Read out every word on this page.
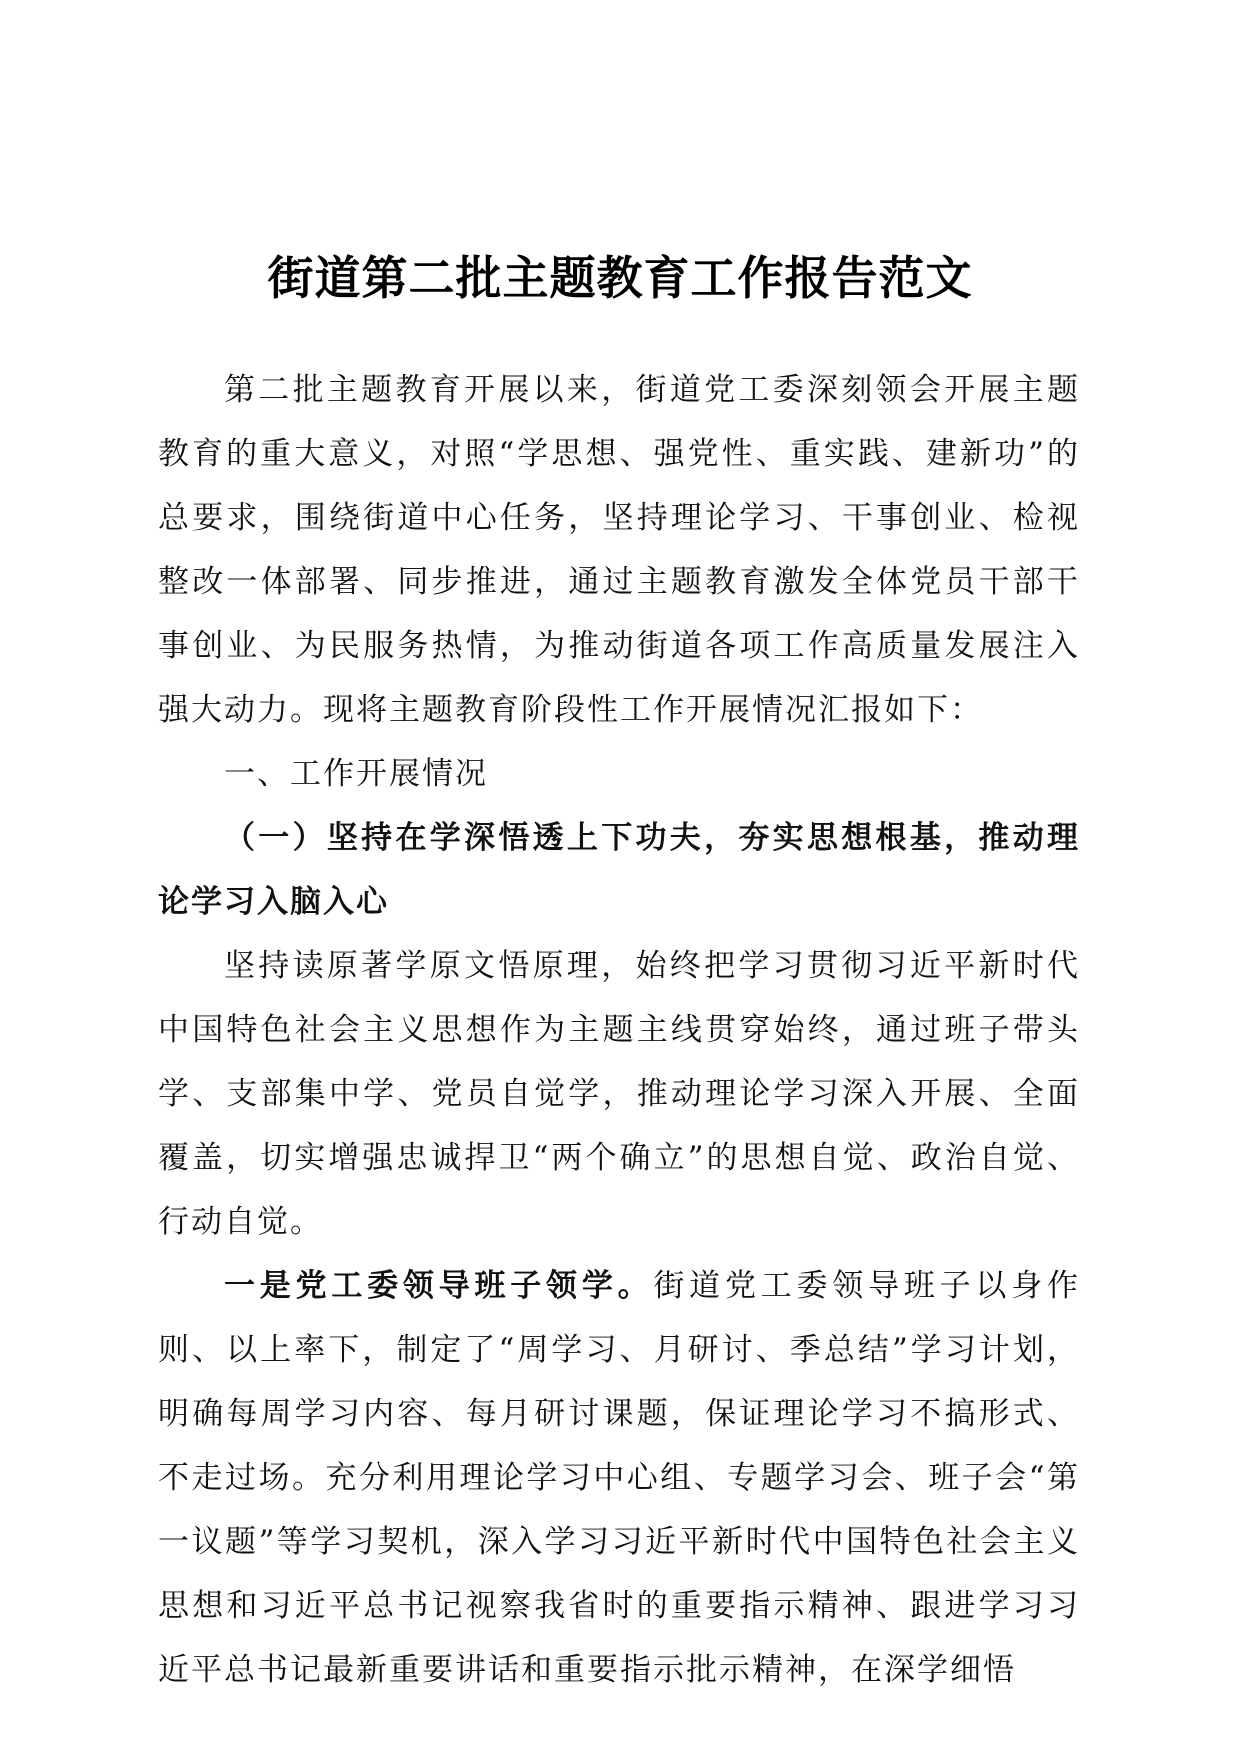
街道第二批主题教育工作报告范文

第二批主题教育开展以来，街道党工委深刻领会开展主题教育的重大意义，对照“学思想、强党性、重实践、建新功”的总要求，围绕街道中心任务，坚持理论学习、干事创业、检视整改一体部署、同步推进，通过主题教育激发全体党员干部干事创业、为民服务热情，为推动街道各项工作高质量发展注入强大动力。现将主题教育阶段性工作开展情况汇报如下：

一、工作开展情况

（一）坚持在学深悟透上下功夫，夯实思想根基，推动理论学习入脑入心

坚持读原著学原文悟原理，始终把学习贯彻习近平新时代中国特色社会主义思想作为主题主线贯穿始终，通过班子带头学、支部集中学、党员自觉学，推动理论学习深入开展、全面覆盖，切实增强忠诚捍卫“两个确立”的思想自觉、政治自觉、行动自觉。

一是党工委领导班子领学。街道党工委领导班子以身作则、以上率下，制定了“周学习、月研讨、季总结”学习计划，明确每周学习内容、每月研讨课题，保证理论学习不搞形式、不走过场。充分利用理论学习中心组、专题学习会、班子会“第一议题”等学习契机，深入学习习近平新时代中国特色社会主义思想和习近平总书记视察我省时的重要指示精神、跟进学习习近平总书记最新重要讲话和重要指示批示精神，在深学细悟
